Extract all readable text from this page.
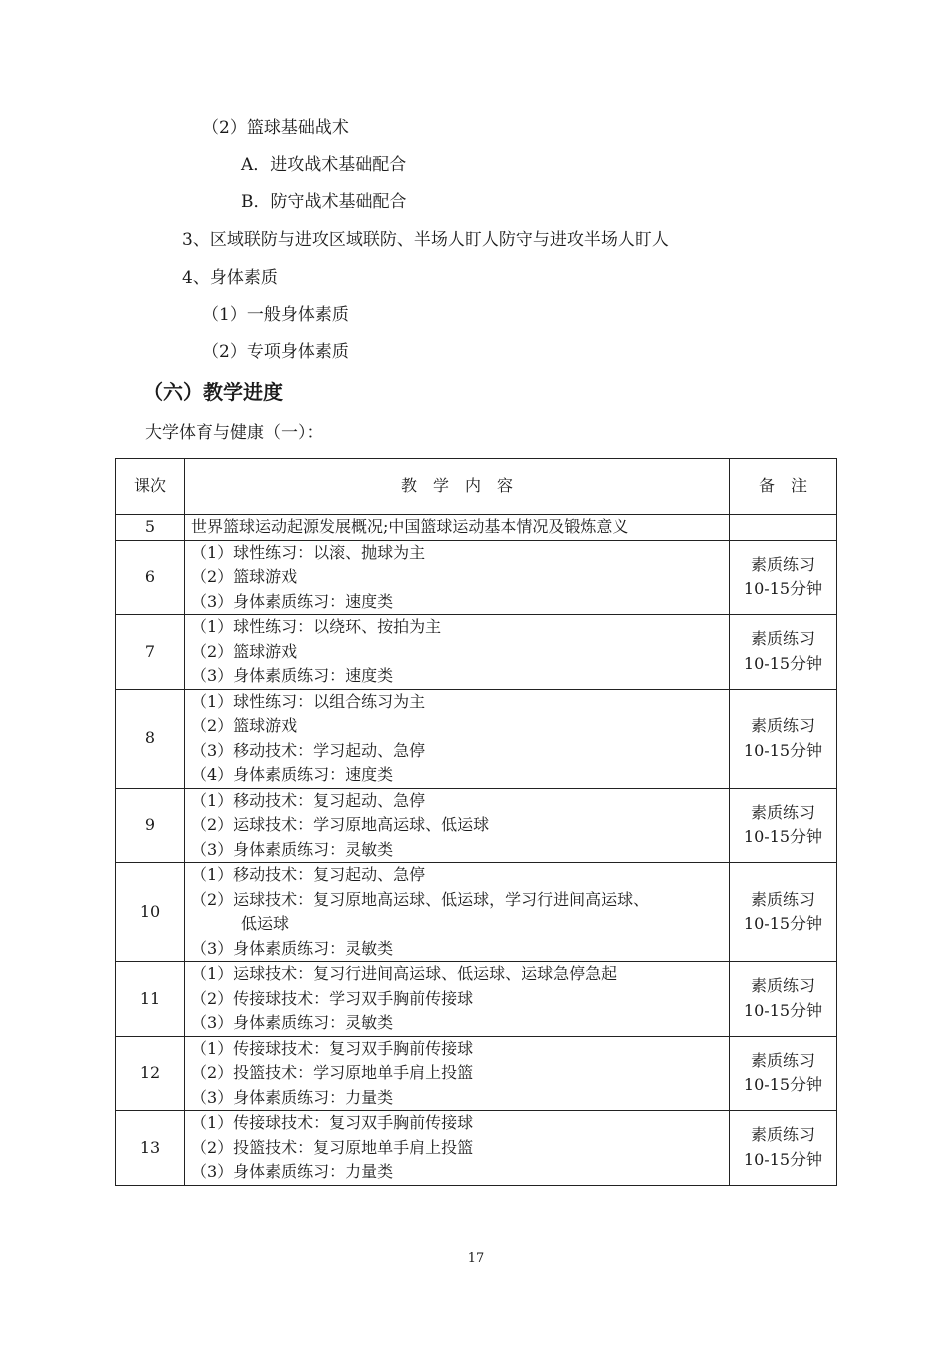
（2）篮球基础战术
A．进攻战术基础配合
B．防守战术基础配合
3、区域联防与进攻区域联防、半场人盯人防守与进攻半场人盯人
4、身体素质
（1）一般身体素质
（2）专项身体素质
（六）教学进度
大学体育与健康（一）：
课次	教　学　内　容	备　注
5	世界篮球运动起源发展概况;中国篮球运动基本情况及锻炼意义	

6	（1）球性练习：以滚、抛球为主
（2）篮球游戏
（3）身体素质练习：速度类	素质练习
10-15分钟

7	（1）球性练习：以绕环、按拍为主
（2）篮球游戏
（3）身体素质练习：速度类	素质练习
10-15分钟

8	（1）球性练习：以组合练习为主
（2）篮球游戏
（3）移动技术：学习起动、急停
（4）身体素质练习：速度类	素质练习
10-15分钟

9	（1）移动技术：复习起动、急停
（2）运球技术：学习原地高运球、低运球
（3）身体素质练习：灵敏类	素质练习
10-15分钟

10	（1）移动技术：复习起动、急停
（2）运球技术：复习原地高运球、低运球，学习行进间高运球、
低运球
（3）身体素质练习：灵敏类	素质练习
10-15分钟

11	（1）运球技术：复习行进间高运球、低运球、运球急停急起
（2）传接球技术：学习双手胸前传接球
（3）身体素质练习：灵敏类	素质练习
10-15分钟

12	（1）传接球技术：复习双手胸前传接球
（2）投篮技术：学习原地单手肩上投篮
（3）身体素质练习：力量类	素质练习
10-15分钟

13	（1）传接球技术：复习双手胸前传接球
（2）投篮技术：复习原地单手肩上投篮
（3）身体素质练习：力量类	素质练习
10-15分钟
17
